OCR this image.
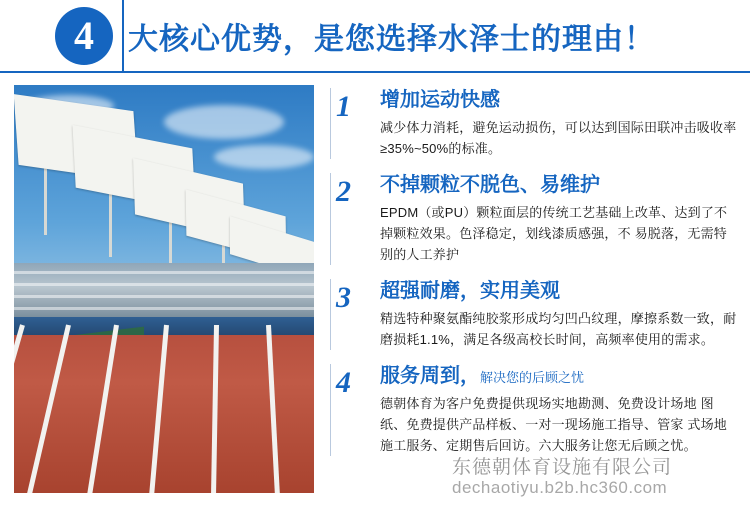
4	大核心优势，是您选择水泽士的理由！
1 增加运动快感
减少体力消耗，避免运动损伤，可以达到国际田联冲击吸收率≥35%~50%的标准。
2 不掉颗粒不脱色、易维护
EPDM（或PU）颗粒面层的传统工艺基础上改革、达到了不掉颗粒效果。色泽稳定，划线漆质感强，不 易脱落，无需特别的人工养护
3 超强耐磨，实用美观
精选特种聚氨酯纯胶浆形成均匀凹凸纹理，摩擦系数一致，耐磨损耗1.1%，满足各级高校长时间，高频率使用的需求。
4 服务周到，解决您的后顾之忧
德朝体育为客户免费提供现场实地勘测、免费设计场地 图纸、免费提供产品样板、一对一现场施工指导、管家 式场地施工服务、定期售后回访。六大服务让您无后顾之忧。
东德朝体育设施有限公司
dechaotiyu.b2b.hc360.com
